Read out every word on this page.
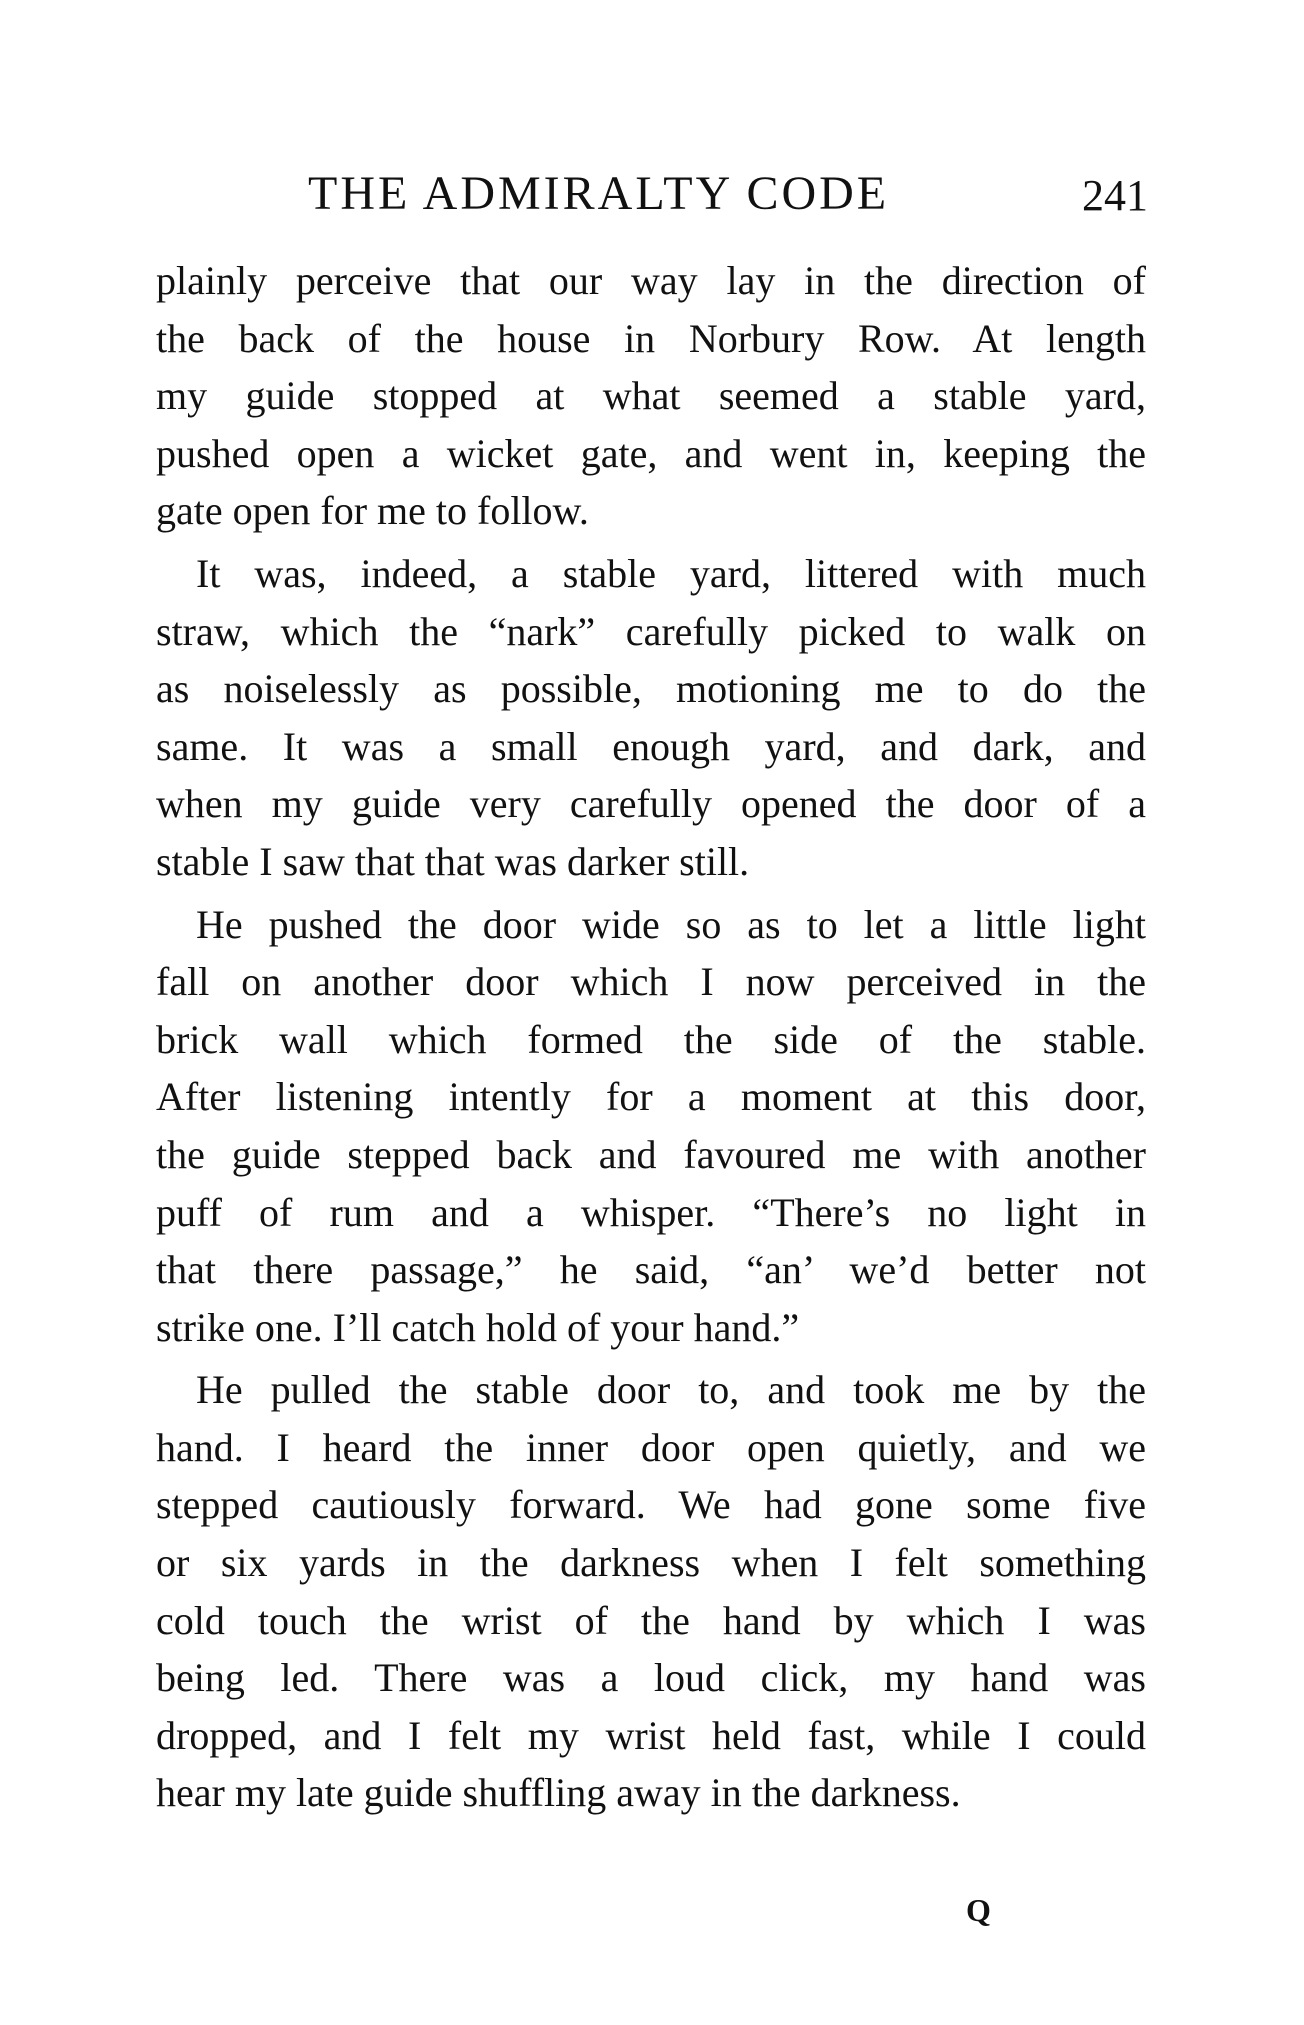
THE ADMIRALTY CODE	241

plainly perceive that our way lay in the direction of
the back of the house in Norbury Row. At length
my guide stopped at what seemed a stable yard,
pushed open a wicket gate, and went in, keeping the
gate open for me to follow.

It was, indeed, a stable yard, littered with much
straw, which the “nark” carefully picked to walk on
as noiselessly as possible, motioning me to do the
same. It was a small enough yard, and dark, and
when my guide very carefully opened the door of a
stable I saw that that was darker still.

He pushed the door wide so as to let a little light
fall on another door which I now perceived in the
brick wall which formed the side of the stable.
After listening intently for a moment at this door,
the guide stepped back and favoured me with another
puff of rum and a whisper. “There’s no light in
that there passage,” he said, “an’ we’d better not
strike one. I’ll catch hold of your hand.”

He pulled the stable door to, and took me by the
hand. I heard the inner door open quietly, and we
stepped cautiously forward. We had gone some five
or six yards in the darkness when I felt something
cold touch the wrist of the hand by which I was
being led. There was a loud click, my hand was
dropped, and I felt my wrist held fast, while I could
hear my late guide shuffling away in the darkness.

Q
